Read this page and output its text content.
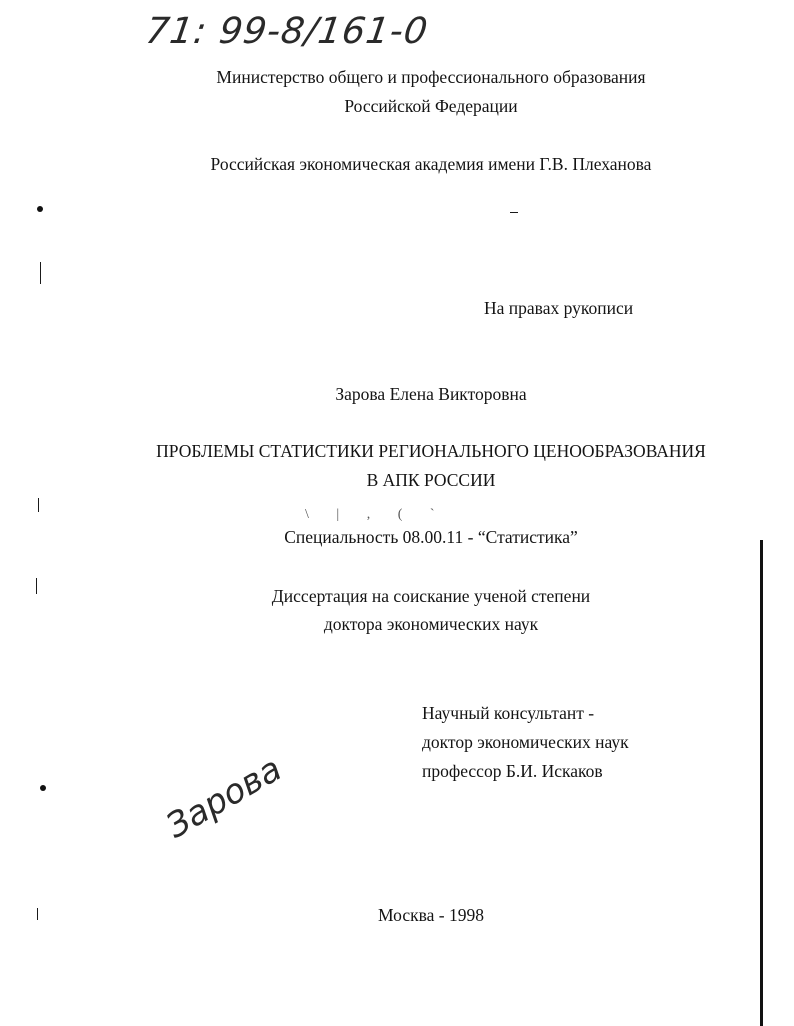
71: 99-8/161-0
Министерство общего и профессионального образования
Российской Федерации
Российская экономическая академия имени Г.В. Плеханова
На правах рукописи
Зарова Елена Викторовна
ПРОБЛЕМЫ СТАТИСТИКИ РЕГИОНАЛЬНОГО ЦЕНООБРАЗОВАНИЯ
В АПК РОССИИ
\ | , ( `
Специальность 08.00.11 - “Статистика”
Диссертация на соискание ученой степени
доктора экономических наук
Научный консультант -
доктор экономических наук
профессор Б.И. Искаков
Зарова
Москва - 1998
